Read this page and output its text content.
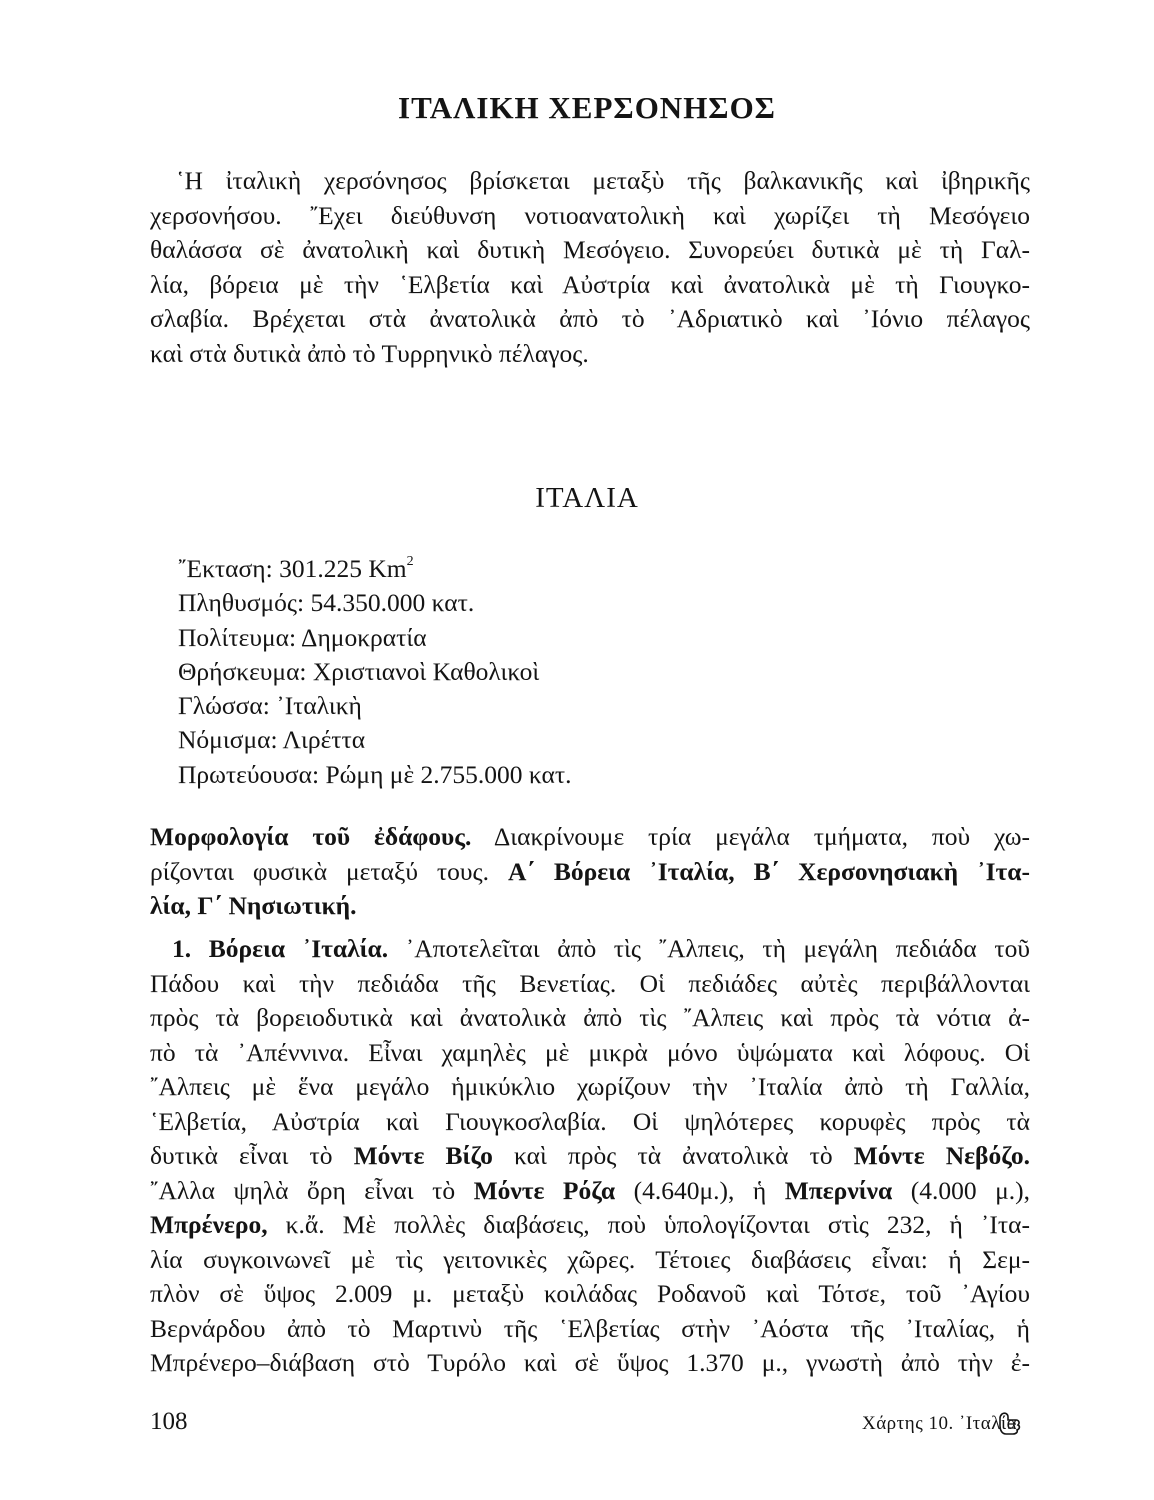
ΙΤΑΛΙΚΗ ΧΕΡΣΟΝΗΣΟΣ
῾Η ἰταλικὴ χερσόνησος βρίσκεται μεταξὺ τῆς βαλκανικῆς καὶ ἰβηρικῆς
χερσονήσου. ῎Εχει διεύθυνση νοτιοανατολικὴ καὶ χωρίζει τὴ Μεσόγειο
θαλάσσα σὲ ἀνατολικὴ καὶ δυτικὴ Μεσόγειο. Συνορεύει δυτικὰ μὲ τὴ Γαλ-
λία, βόρεια μὲ τὴν ῾Ελβετία καὶ Αὐστρία καὶ ἀνατολικὰ μὲ τὴ Γιουγκο-
σλαβία. Βρέχεται στὰ ἀνατολικὰ ἀπὸ τὸ ᾿Αδριατικὸ καὶ ᾿Ιόνιο πέλαγος
καὶ στὰ δυτικὰ ἀπὸ τὸ Τυρρηνικὸ πέλαγος.
ΙΤΑΛΙΑ
῎Εκταση: 301.225 Km$^2$
Πληθυσμός: 54.350.000 κατ.
Πολίτευμα: Δημοκρατία
Θρήσκευμα: Χριστιανοὶ Καθολικοὶ
Γλώσσα: ᾿Ιταλικὴ
Νόμισμα: Λιρέττα
Πρωτεύουσα: Ρώμη μὲ 2.755.000 κατ.
Μορφολογία τοῦ ἐδάφους. Διακρίνουμε τρία μεγάλα τμήματα, ποὺ χω-
ρίζονται φυσικὰ μεταξύ τους. Α΄ Βόρεια ᾿Ιταλία, Β΄ Χερσονησιακὴ ᾿Ιτα-
λία, Γ΄ Νησιωτική.
1. Βόρεια ᾿Ιταλία. ᾿Αποτελεῖται ἀπὸ τὶς ῎Αλπεις, τὴ μεγάλη πεδιάδα τοῦ
Πάδου καὶ τὴν πεδιάδα τῆς Βενετίας. Οἱ πεδιάδες αὐτὲς περιβάλλονται
πρὸς τὰ βορειοδυτικὰ καὶ ἀνατολικὰ ἀπὸ τὶς ῎Αλπεις καὶ πρὸς τὰ νότια ἀ-
πὸ τὰ ᾿Απέννινα. Εἶναι χαμηλὲς μὲ μικρὰ μόνο ὑψώματα καὶ λόφους. Οἱ
῎Αλπεις μὲ ἕνα μεγάλο ἡμικύκλιο χωρίζουν τὴν ᾿Ιταλία ἀπὸ τὴ Γαλλία,
῾Ελβετία, Αὐστρία καὶ Γιουγκοσλαβία. Οἱ ψηλότερες κορυφὲς πρὸς τὰ
δυτικὰ εἶναι τὸ Μόντε Βίζο καὶ πρὸς τὰ ἀνατολικὰ τὸ Μόντε Νεβόζο.
῎Αλλα ψηλὰ ὄρη εἶναι τὸ Μόντε Ρόζα (4.640μ.), ἡ Μπερνίνα (4.000 μ.),
Μπρένερο, κ.ἄ. Μὲ πολλὲς διαβάσεις, ποὺ ὑπολογίζονται στὶς 232, ἡ ᾿Ιτα-
λία συγκοινωνεῖ μὲ τὶς γειτονικὲς χῶρες. Τέτοιες διαβάσεις εἶναι: ἡ Σεμ-
πλὸν σὲ ὕψος 2.009 μ. μεταξὺ κοιλάδας Ροδανοῦ καὶ Τότσε, τοῦ ᾿Αγίου
Βερνάρδου ἀπὸ τὸ Μαρτινὺ τῆς ῾Ελβετίας στὴν ᾿Αόστα τῆς ᾿Ιταλίας, ἡ
Μπρένερο–διάβαση στὸ Τυρόλο καὶ σὲ ὕψος 1.370 μ., γνωστὴ ἀπὸ τὴν ἐ-
108	Χάρτης 10. ᾿Ιταλία
